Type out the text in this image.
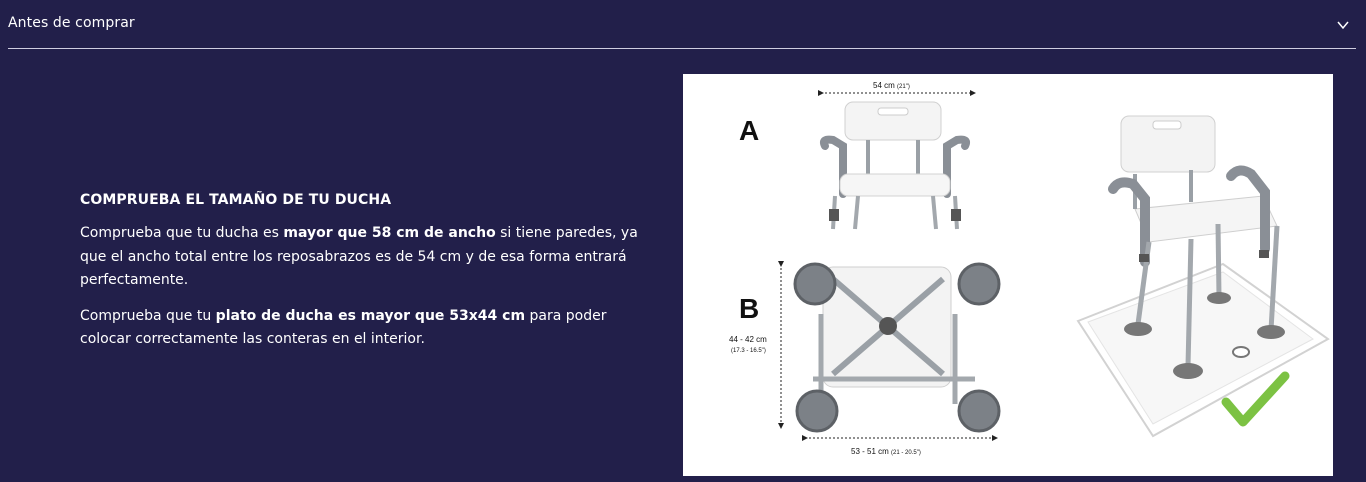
Antes de comprar

COMPRUEBA EL TAMAÑO DE TU DUCHA

Comprueba que tu ducha es mayor que 58 cm de ancho si tiene paredes, ya que el ancho total entre los reposabrazos es de 54 cm y de esa forma entrará perfectamente.

Comprueba que tu plato de ducha es mayor que 53x44 cm para poder colocar correctamente las conteras en el interior.

A
54 cm (21")
B
44 - 42 cm
(17.3 - 16.5")
53 - 51 cm (21 - 20.5")
